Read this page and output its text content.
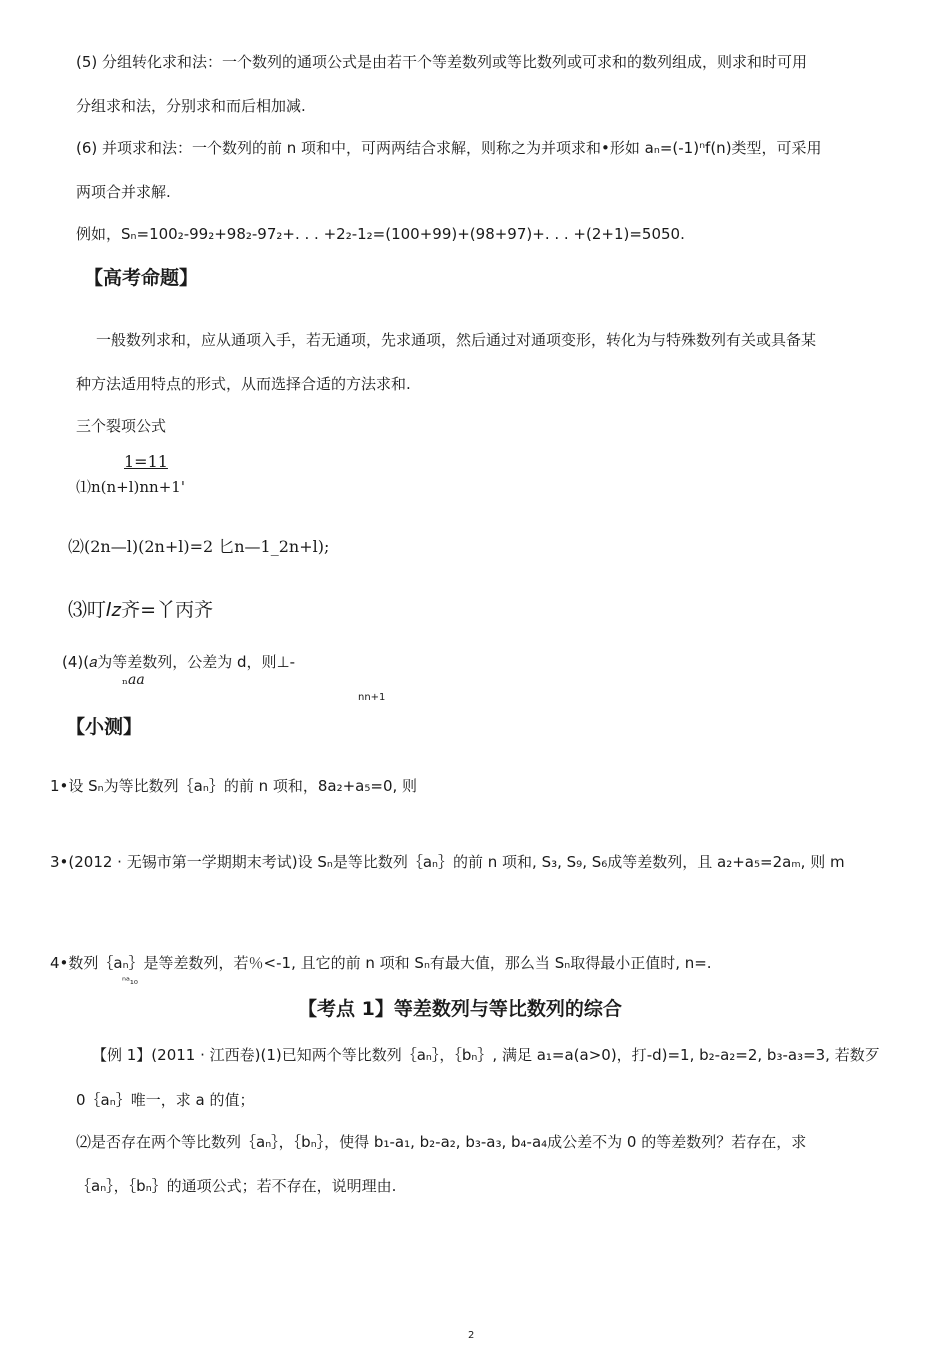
(5) 分组转化求和法：一个数列的通项公式是由若干个等差数列或等比数列或可求和的数列组成，则求和时可用
分组求和法，分别求和而后相加减.
(6) 并项求和法：一个数列的前 n 项和中，可两两结合求解，则称之为并项求和•形如 aₙ=(-1)ⁿf(n)类型，可采用
两项合并求解.
例如，Sₙ=100₂-99₂+98₂-97₂+. . . +2₂-1₂=(100+99)+(98+97)+. . . +(2+1)=5050.
【高考命题】
一般数列求和，应从通项入手，若无通项，先求通项，然后通过对通项变形，转化为与特殊数列有关或具备某
种方法适用特点的形式，从而选择合适的方法求和.
三个裂项公式
1=11
⑴n(n+l)nn+1'
⑵(2n—l)(2n+l)=2 匕n—1_2n+l);
⑶叮𝐼𝑧齐=丫丙齐
(4)(𝑎为等差数列，公差为 d，则⊥-
ₙ𝑎𝑎
nn+1
【小测】
1•设 Sₙ为等比数列｛aₙ｝的前 n 项和，8a₂+a₅=0, 则
3•(2012 · 无锡市第一学期期末考试)设 Sₙ是等比数列｛aₙ｝的前 n 项和, S₃, S₉, S₆成等差数列，且 a₂+a₅=2aₘ, 则 m
4•数列｛aₙ｝是等差数列，若％<-1, 且它的前 n 项和 Sₙ有最大值，那么当 Sₙ取得最小正值时, n=.
ⁿᵃ₁₀
【考点 1】等差数列与等比数列的综合
【例 1】(2011 · 江西卷)(1)已知两个等比数列｛aₙ｝，｛bₙ｝, 满足 a₁=a(a>0)，打-d)=1, b₂-a₂=2, b₃-a₃=3, 若数歹
0｛aₙ｝唯一，求 a 的值；
⑵是否存在两个等比数列｛aₙ｝，｛bₙ｝，使得 b₁-a₁, b₂-a₂, b₃-a₃, b₄-a₄成公差不为 0 的等差数列？若存在，求
｛aₙ｝，｛bₙ｝的通项公式；若不存在，说明理由.
2
